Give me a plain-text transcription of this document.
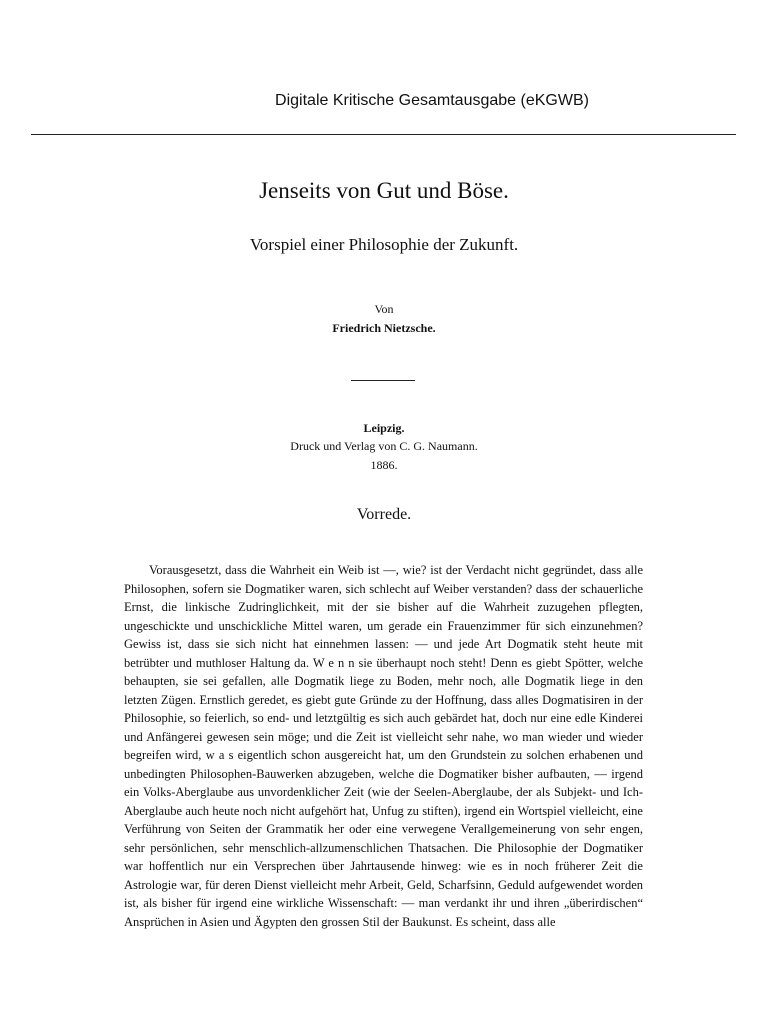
Digitale Kritische Gesamtausgabe (eKGWB)
Jenseits von Gut und Böse.
Vorspiel einer Philosophie der Zukunft.
Von
Friedrich Nietzsche.
Leipzig.
Druck und Verlag von C. G. Naumann.
1886.
Vorrede.

Vorausgesetzt, dass die Wahrheit ein Weib ist —, wie? ist der Verdacht nicht gegründet, dass alle Philosophen, sofern sie Dogmatiker waren, sich schlecht auf Weiber verstanden? dass der schauerliche Ernst, die linkische Zudringlichkeit, mit der sie bisher auf die Wahrheit zuzugehen pflegten, ungeschickte und unschickliche Mittel waren, um gerade ein Frauenzimmer für sich einzunehmen? Gewiss ist, dass sie sich nicht hat einnehmen lassen: — und jede Art Dogmatik steht heute mit betrübter und muthloser Haltung da. W e n n sie überhaupt noch steht! Denn es giebt Spötter, welche behaupten, sie sei gefallen, alle Dogmatik liege zu Boden, mehr noch, alle Dogmatik liege in den letzten Zügen. Ernstlich geredet, es giebt gute Gründe zu der Hoffnung, dass alles Dogmatisiren in der Philosophie, so feierlich, so end- und letztgültig es sich auch gebärdet hat, doch nur eine edle Kinderei und Anfängerei gewesen sein möge; und die Zeit ist vielleicht sehr nahe, wo man wieder und wieder begreifen wird, w a s eigentlich schon ausgereicht hat, um den Grundstein zu solchen erhabenen und unbedingten Philosophen-Bauwerken abzugeben, welche die Dogmatiker bisher aufbauten, — irgend ein Volks-Aberglaube aus unvordenklicher Zeit (wie der Seelen-Aberglaube, der als Subjekt- und Ich-Aberglaube auch heute noch nicht aufgehört hat, Unfug zu stiften), irgend ein Wortspiel vielleicht, eine Verführung von Seiten der Grammatik her oder eine verwegene Verallgemeinerung von sehr engen, sehr persönlichen, sehr menschlich-allzumenschlichen Thatsachen. Die Philosophie der Dogmatiker war hoffentlich nur ein Versprechen über Jahrtausende hinweg: wie es in noch früherer Zeit die Astrologie war, für deren Dienst vielleicht mehr Arbeit, Geld, Scharfsinn, Geduld aufgewendet worden ist, als bisher für irgend eine wirkliche Wissenschaft: — man verdankt ihr und ihren „überirdischen“ Ansprüchen in Asien und Ägypten den grossen Stil der Baukunst. Es scheint, dass alle
